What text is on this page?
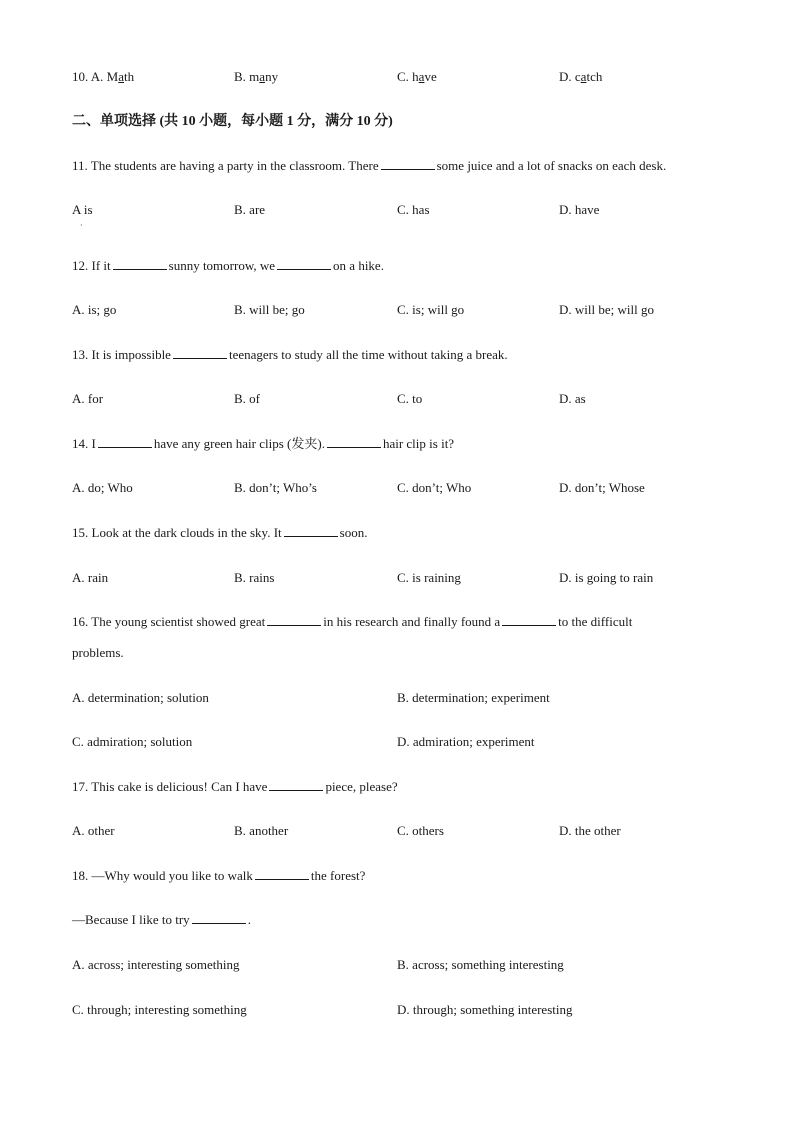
10. A. Math	B. many	C. have	D. catch
二、单项选择 (共 10 小题，每小题 1 分，满分 10 分)
11. The students are having a party in the classroom. There	some juice and a lot of snacks on each desk.
A is
·
B. are	C. has	D. have
12. If it	sunny tomorrow, we	on a hike.
A. is; go	B. will be; go	C. is; will go	D. will be; will go
13. It is impossible	teenagers to study all the time without taking a break.
A. for	B. of	C. to	D. as
14. I	have any green hair clips (发夹).	hair clip is it?
A. do; Who	B. don’t; Who’s	C. don’t; Who	D. don’t; Whose
15. Look at the dark clouds in the sky. It	soon.
A. rain	B. rains	C. is raining	D. is going to rain
16. The young scientist showed great	in his research and finally found a	to the difficult
problems.
A. determination; solution	B. determination; experiment
C. admiration; solution	D. admiration; experiment
17. This cake is delicious! Can I have	piece, please?
A. other	B. another	C. others	D. the other
18. —Why would you like to walk	the forest?
—Because I like to try	.
A. across; interesting something	B. across; something interesting
C. through; interesting something	D. through; something interesting
